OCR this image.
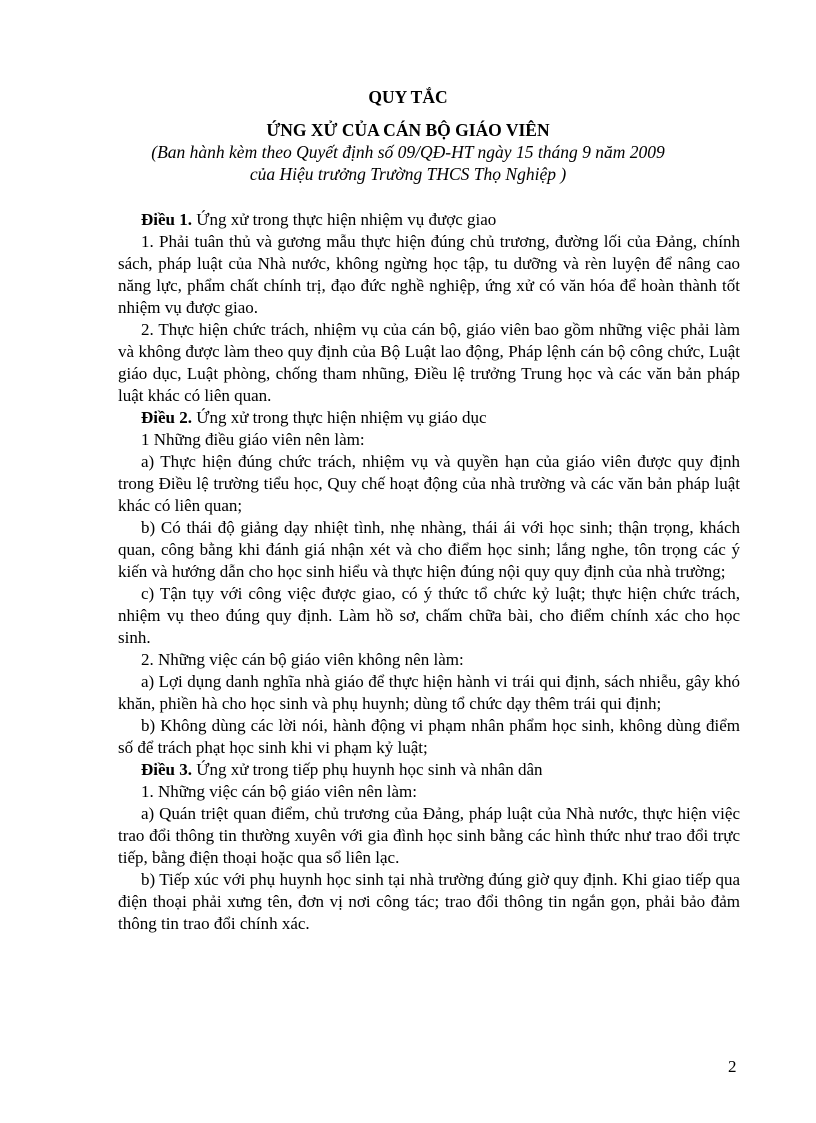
QUY TẮC
ỨNG XỬ CỦA CÁN BỘ GIÁO VIÊN
(Ban hành kèm theo Quyết định số 09/QĐ-HT ngày 15 tháng 9 năm 2009
của Hiệu trưởng Trường THCS Thọ Nghiệp )

Điều 1. Ứng xử trong thực hiện nhiệm vụ được giao

1. Phải tuân thủ và gương mẫu thực hiện đúng chủ trương, đường lối của Đảng, chính sách, pháp luật của Nhà nước, không ngừng học tập, tu dưỡng và rèn luyện để nâng cao năng lực, phẩm chất chính trị, đạo đức nghề nghiệp, ứng xử có văn hóa để hoàn thành tốt nhiệm vụ được giao.

2. Thực hiện chức trách, nhiệm vụ của cán bộ, giáo viên bao gồm những việc phải làm và không được làm theo quy định của Bộ Luật lao động, Pháp lệnh cán bộ công chức, Luật giáo dục, Luật phòng, chống tham nhũng, Điều lệ trưởng Trung học và các văn bản pháp luật khác có liên quan.

Điều 2. Ứng xử trong thực hiện nhiệm vụ giáo dục

1 Những điều giáo viên nên làm:

a) Thực hiện đúng chức trách, nhiệm vụ và quyền hạn của giáo viên được quy định trong Điều lệ trường tiểu học, Quy chế hoạt động của nhà trường và các văn bản pháp luật khác có liên quan;

b) Có thái độ giảng dạy nhiệt tình, nhẹ nhàng, thái ái với học sinh; thận trọng, khách quan, công bằng khi đánh giá nhận xét và cho điểm học sinh; lắng nghe, tôn trọng các ý kiến và hướng dẫn cho học sinh hiểu và thực hiện đúng nội quy quy định của nhà trường;

c) Tận tụy với công việc được giao, có ý thức tổ chức kỷ luật; thực hiện chức trách, nhiệm vụ theo đúng quy định. Làm hồ sơ, chấm chữa bài, cho điểm chính xác cho học sinh.

2. Những việc cán bộ giáo viên không nên làm:

a) Lợi dụng danh nghĩa nhà giáo để thực hiện hành vi trái qui định, sách nhiễu, gây khó khăn, phiền hà cho học sinh và phụ huynh; dùng tổ chức dạy thêm trái qui định;

b) Không dùng các lời nói, hành động vi phạm nhân phẩm học sinh, không dùng điểm số để trách phạt học sinh khi vi phạm kỷ luật;

Điều 3. Ứng xử trong tiếp phụ huynh học sinh và nhân dân

1. Những việc cán bộ giáo viên nên làm:

a) Quán triệt quan điểm, chủ trương của Đảng, pháp luật của Nhà nước, thực hiện việc trao đổi thông tin thường xuyên với gia đình học sinh bằng các hình thức như trao đổi trực tiếp, bằng điện thoại hoặc qua sổ liên lạc.

b) Tiếp xúc với phụ huynh học sinh tại nhà trường đúng giờ quy định. Khi giao tiếp qua điện thoại phải xưng tên, đơn vị nơi công tác; trao đổi thông tin ngắn gọn, phải bảo đảm thông tin trao đổi chính xác.

2
